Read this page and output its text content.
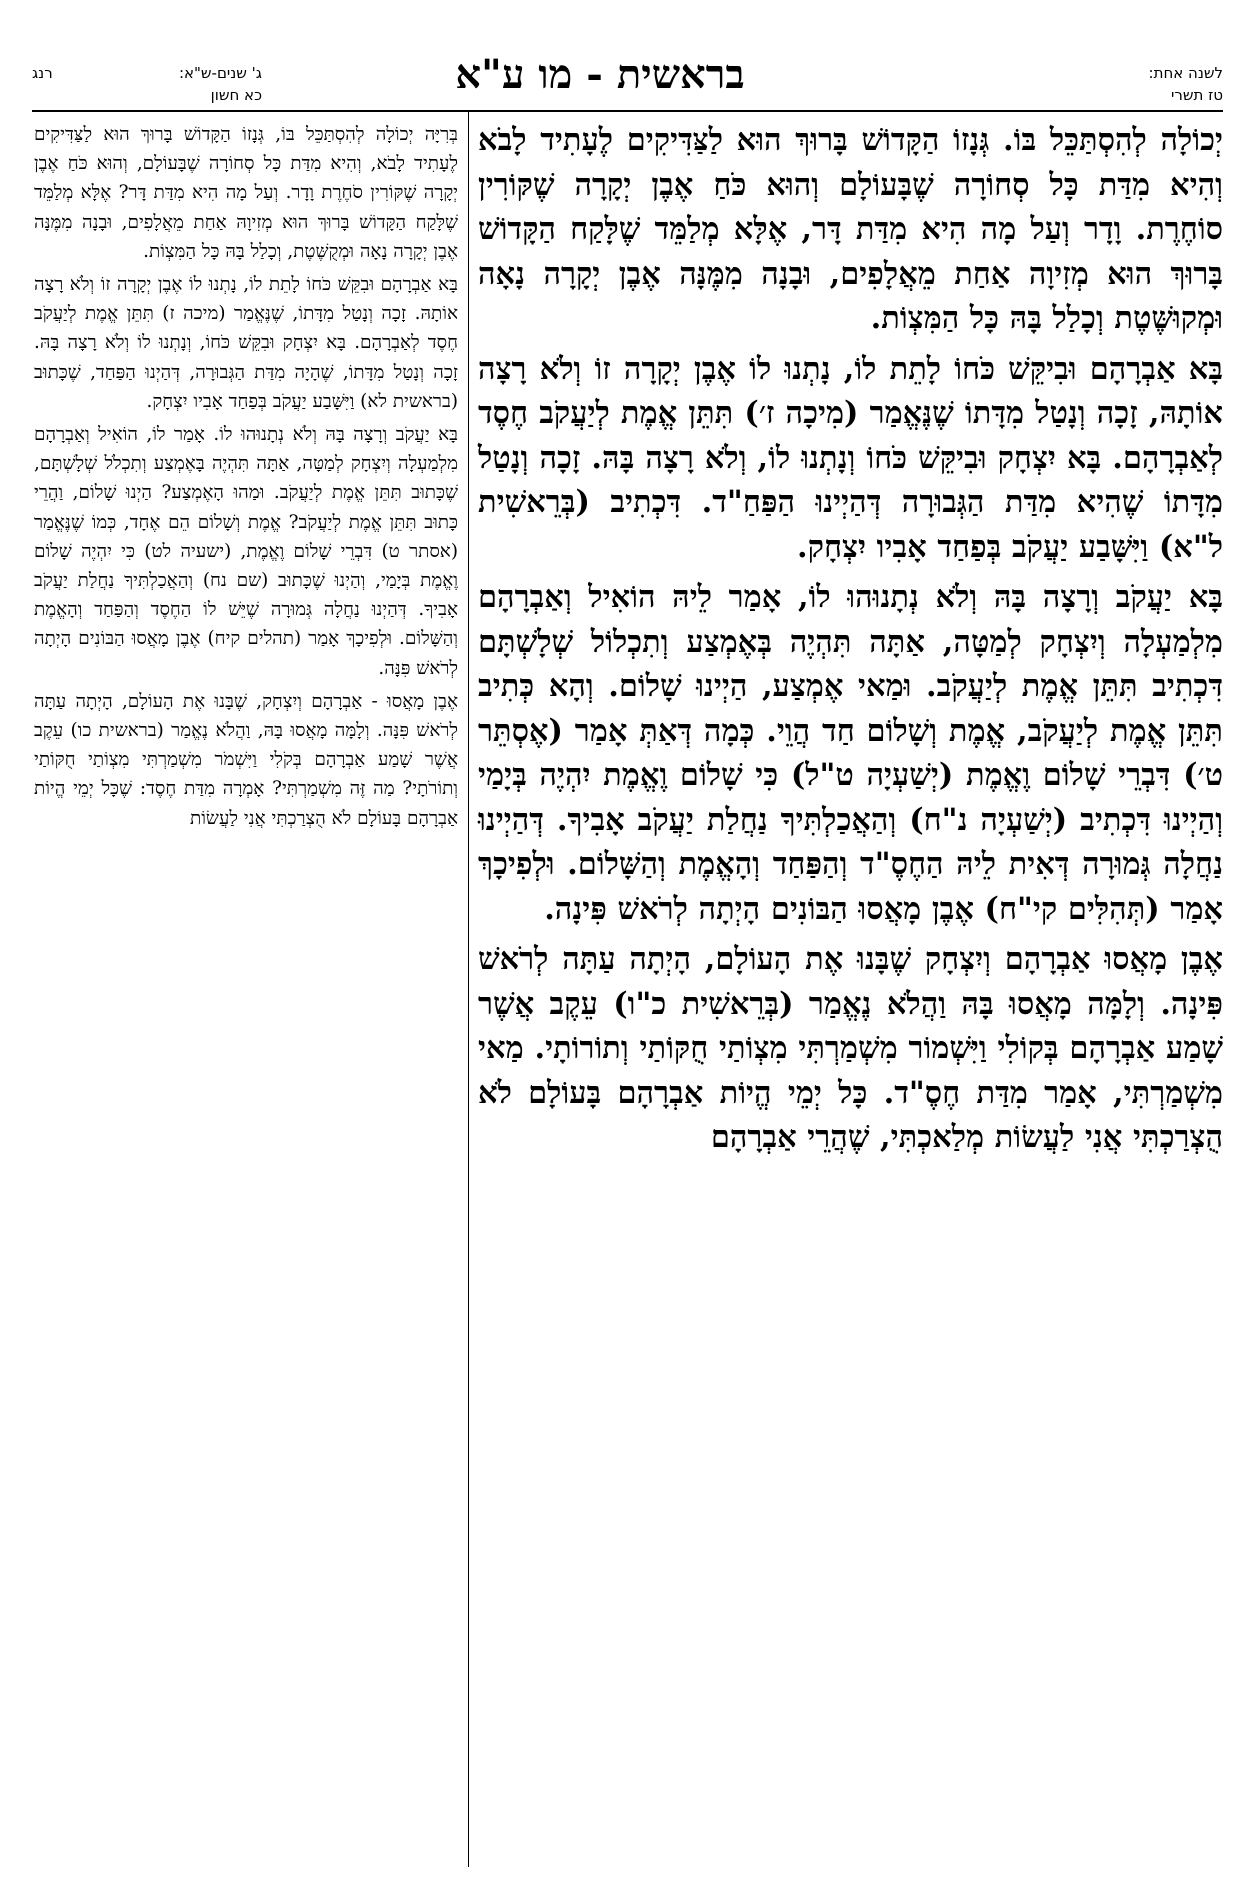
לשנה אחת:
טז תשרי
בראשית - מו ע"א
ג' שנים-ש"א:
רנג
כא חשון

יְכוֹלָה לְהִסְתַּכֵּל בּוֹ. גְּנָזוֹ הַקָּדוֹשׁ בָּרוּךְ הוּא לַצַּדִּיקִים לֶעָתִיד לָבֹא וְהִיא מִדַּת כָּל סְחוֹרָה שֶׁבָּעוֹלָם וְהוּא כֹּחַ אֶבֶן יְקָרָה שֶׁקּוֹרִין סוֹחֶרֶת. וָדָר וְעַל מָה הִיא מִדַּת דָּר, אֶלָּא מְלַמֵּד שֶׁלָּקַח הַקָּדוֹשׁ בָּרוּךְ הוּא מְזִיוָה אַחַת מֵאֲלָפִים, וּבָנָה מִמֶּנָּה אֶבֶן יְקָרָה נָאָה וּמְקוּשֶּׁטֶת וְכָלַל בָּהּ כָּל הַמִּצְוֹת.

בָּא אַבְרָהָם וּבִיקֵּשׁ כֹּחוֹ לָתֵת לוֹ, נָתְנוּ לוֹ אֶבֶן יְקָרָה זוֹ וְלֹא רָצָה אוֹתָהּ, זָכָה וְנָטַל מִדָּתוֹ שֶׁנֶּאֱמַר (מִיכָה ז׳) תִּתֵּן אֱמֶת לְיַעֲקֹב חֶסֶד לְאַבְרָהָם. בָּא יִצְחָק וּבִיקֵּשׁ כֹּחוֹ וְנָתְנוּ לוֹ, וְלֹא רָצָה בָּהּ. זָכָה וְנָטַל מִדָּתוֹ שֶׁהִיא מִדַּת הַגְּבוּרָה דְּהַיְינוּ הַפַּחַ"ד. דִּכְתִיב (בְּרֵאשִׁית ל"א) וַיִּשָּׁבַע יַעֲקֹב בְּפַחַד אָבִיו יִצְחָק.

בָּא יַעֲקֹב וְרָצָה בָּהּ וְלֹא נְתָנוּהוּ לוֹ, אָמַר לֵיהּ הוֹאִיל וְאַבְרָהָם מִלְמַעְלָה וְיִצְחָק לְמַטָּה, אַתָּה תִּהְיֶה בְּאֶמְצַע וְתִכְלוֹל שְׁלָשְׁתָּם דִּכְתִיב תִּתֵּן אֱמֶת לְיַעֲקֹב. וּמַאי אֶמְצַע, הַיְינוּ שָׁלוֹם. וְהָא כְּתִיב תִּתֵּן אֱמֶת לְיַעֲקֹב, אֱמֶת וְשָׁלוֹם חַד הֲוֵי. כְּמָה דְּאַתְּ אָמַר (אֶסְתֵּר ט׳) דִּבְרֵי שָׁלוֹם וֶאֱמֶת (יְשַׁעְיָה ט"ל) כִּי שָׁלוֹם וֶאֱמֶת יִהְיֶה בְּיָמַי וְהַיְינוּ דִּכְתִיב (יְשַׁעְיָה נ"ח) וְהַאֲכַלְתִּיךָ נַחֲלַת יַעֲקֹב אָבִיךָ. דְּהַיְינוּ נַחֲלָה גְּמוּרָה דְּאִית לֵיהּ הַחֶסֶ"ד וְהַפַּחַד וְהָאֱמֶת וְהַשָּׁלוֹם. וּלְפִיכָךְ אָמַר (תְּהִלִּים קי"ח) אֶבֶן מָאֲסוּ הַבּוֹנִים הָיְתָה לְרֹאשׁ פִּינָה.

אֶבֶן מָאֲסוּ אַבְרָהָם וְיִצְחָק שֶׁבָּנוּ אֶת הָעוֹלָם, הָיְתָה עַתָּה לְרֹאשׁ פִּינָה. וְלָמָּה מָאֲסוּ בָּהּ וַהֲלֹא נֶאֱמַר (בְּרֵאשִׁית כ"ו) עֵקֶב אֲשֶׁר שָׁמַע אַבְרָהָם בְּקוֹלִי וַיִּשְׁמוֹר מִשְׁמַרְתִּי מִצְוֹתַי חֻקּוֹתַי וְתוֹרוֹתָי. מַאי מִשְׁמַרְתִּי, אָמַר מִדַּת חֶסֶ"ד. כָּל יְמֵי הֱיוֹת אַבְרָהָם בָּעוֹלָם לֹא הֻצְרַכְתִּי אֲנִי לַעֲשׂוֹת מְלַאכְתִּי, שֶׁהֲרֵי אַבְרָהָם

בְּרִיָּה יְכוֹלָה לְהִסְתַּכֵּל בּוֹ, גְּנָזוֹ הַקָּדוֹשׁ בָּרוּךְ הוּא לַצַּדִּיקִים לֶעָתִיד לָבֹא, וְהִיא מִדַּת כָּל סְחוֹרָה שֶׁבָּעוֹלָם, וְהוּא כֹּחַ אֶבֶן יְקָרָה שֶׁקּוֹרִין סֹחֶרֶת וָדָר. וְעַל מָה הִיא מִדַּת דָּר? אֶלָּא מְלַמֵּד שֶׁלָּקַח הַקָּדוֹשׁ בָּרוּךְ הוּא מְזִיוָהּ אַחַת מֵאֲלָפִים, וּבָנָה מִמֶּנָּה אֶבֶן יְקָרָה נָאָה וּמְקֻשֶּׁטֶת, וְכָלַל בָּהּ כָּל הַמִּצְוֹת.

בָּא אַבְרָהָם וּבִקֵּשׁ כֹּחוֹ לָתֵת לוֹ, נָתְנוּ לוֹ אֶבֶן יְקָרָה זוֹ וְלֹא רָצָה אוֹתָהּ. זָכָה וְנָטַל מִדָּתוֹ, שֶׁנֶּאֱמַר (מיכה ז) תִּתֵּן אֱמֶת לְיַעֲקֹב חֶסֶד לְאַבְרָהָם. בָּא יִצְחָק וּבִקֵּשׁ כֹּחוֹ, וְנָתְנוּ לוֹ וְלֹא רָצָה בָּהּ. זָכָה וְנָטַל מִדָּתוֹ, שֶׁהָיָה מִדַּת הַגְּבוּרָה, דְּהַיְנוּ הַפַּחַד, שֶׁכָּתוּב (בראשית לא) וַיִּשָּׁבַע יַעֲקֹב בְּפַחַד אָבִיו יִצְחָק.

בָּא יַעֲקֹב וְרָצָה בָּהּ וְלֹא נְתָנוּהוּ לוֹ. אָמַר לוֹ, הוֹאִיל וְאַבְרָהָם מִלְמַעְלָה וְיִצְחָק לְמַטָּה, אַתָּה תִּהְיֶה בָּאֶמְצַע וְתִכְלֹל שְׁלָשְׁתָּם, שֶׁכָּתוּב תִּתֵּן אֱמֶת לְיַעֲקֹב. וּמַהוּ הָאֶמְצַע? הַיְנוּ שָׁלוֹם, וַהֲרֵי כָּתוּב תִּתֵּן אֱמֶת לְיַעֲקֹב? אֱמֶת וְשָׁלוֹם הֵם אֶחָד, כְּמוֹ שֶׁנֶּאֱמַר (אסתר ט) דִּבְרֵי שָׁלוֹם וֶאֱמֶת, (ישעיה לט) כִּי יִהְיֶה שָׁלוֹם וֶאֱמֶת בְּיָמַי, וְהַיְנוּ שֶׁכָּתוּב (שם נח) וְהַאֲכַלְתִּיךָ נַחֲלַת יַעֲקֹב אָבִיךָ. דְּהַיְנוּ נַחֲלָה גְּמוּרָה שֶׁיֵּשׁ לוֹ הַחֶסֶד וְהַפַּחַד וְהָאֱמֶת וְהַשָּׁלוֹם. וּלְפִיכָךְ אָמַר (תהלים קיח) אֶבֶן מָאֲסוּ הַבּוֹנִים הָיְתָה לְרֹאשׁ פִּנָּה.

אֶבֶן מָאֲסוּ - אַבְרָהָם וְיִצְחָק, שֶׁבָּנוּ אֶת הָעוֹלָם, הָיְתָה עַתָּה לְרֹאשׁ פִּנָּה. וְלָמָּה מָאֲסוּ בָּהּ, וַהֲלֹא נֶאֱמַר (בראשית כו) עֵקֶב אֲשֶׁר שָׁמַע אַבְרָהָם בְּקֹלִי וַיִּשְׁמֹר מִשְׁמַרְתִּי מִצְוֹתַי חֻקּוֹתַי וְתוֹרֹתָי? מַה זֶּה מִשְׁמַרְתִּי? אָמְרָה מִדַּת חֶסֶד: שֶׁכָּל יְמֵי הֱיוֹת אַבְרָהָם בָּעוֹלָם לֹא הֻצְרַכְתִּי אֲנִי לַעֲשׂוֹת
